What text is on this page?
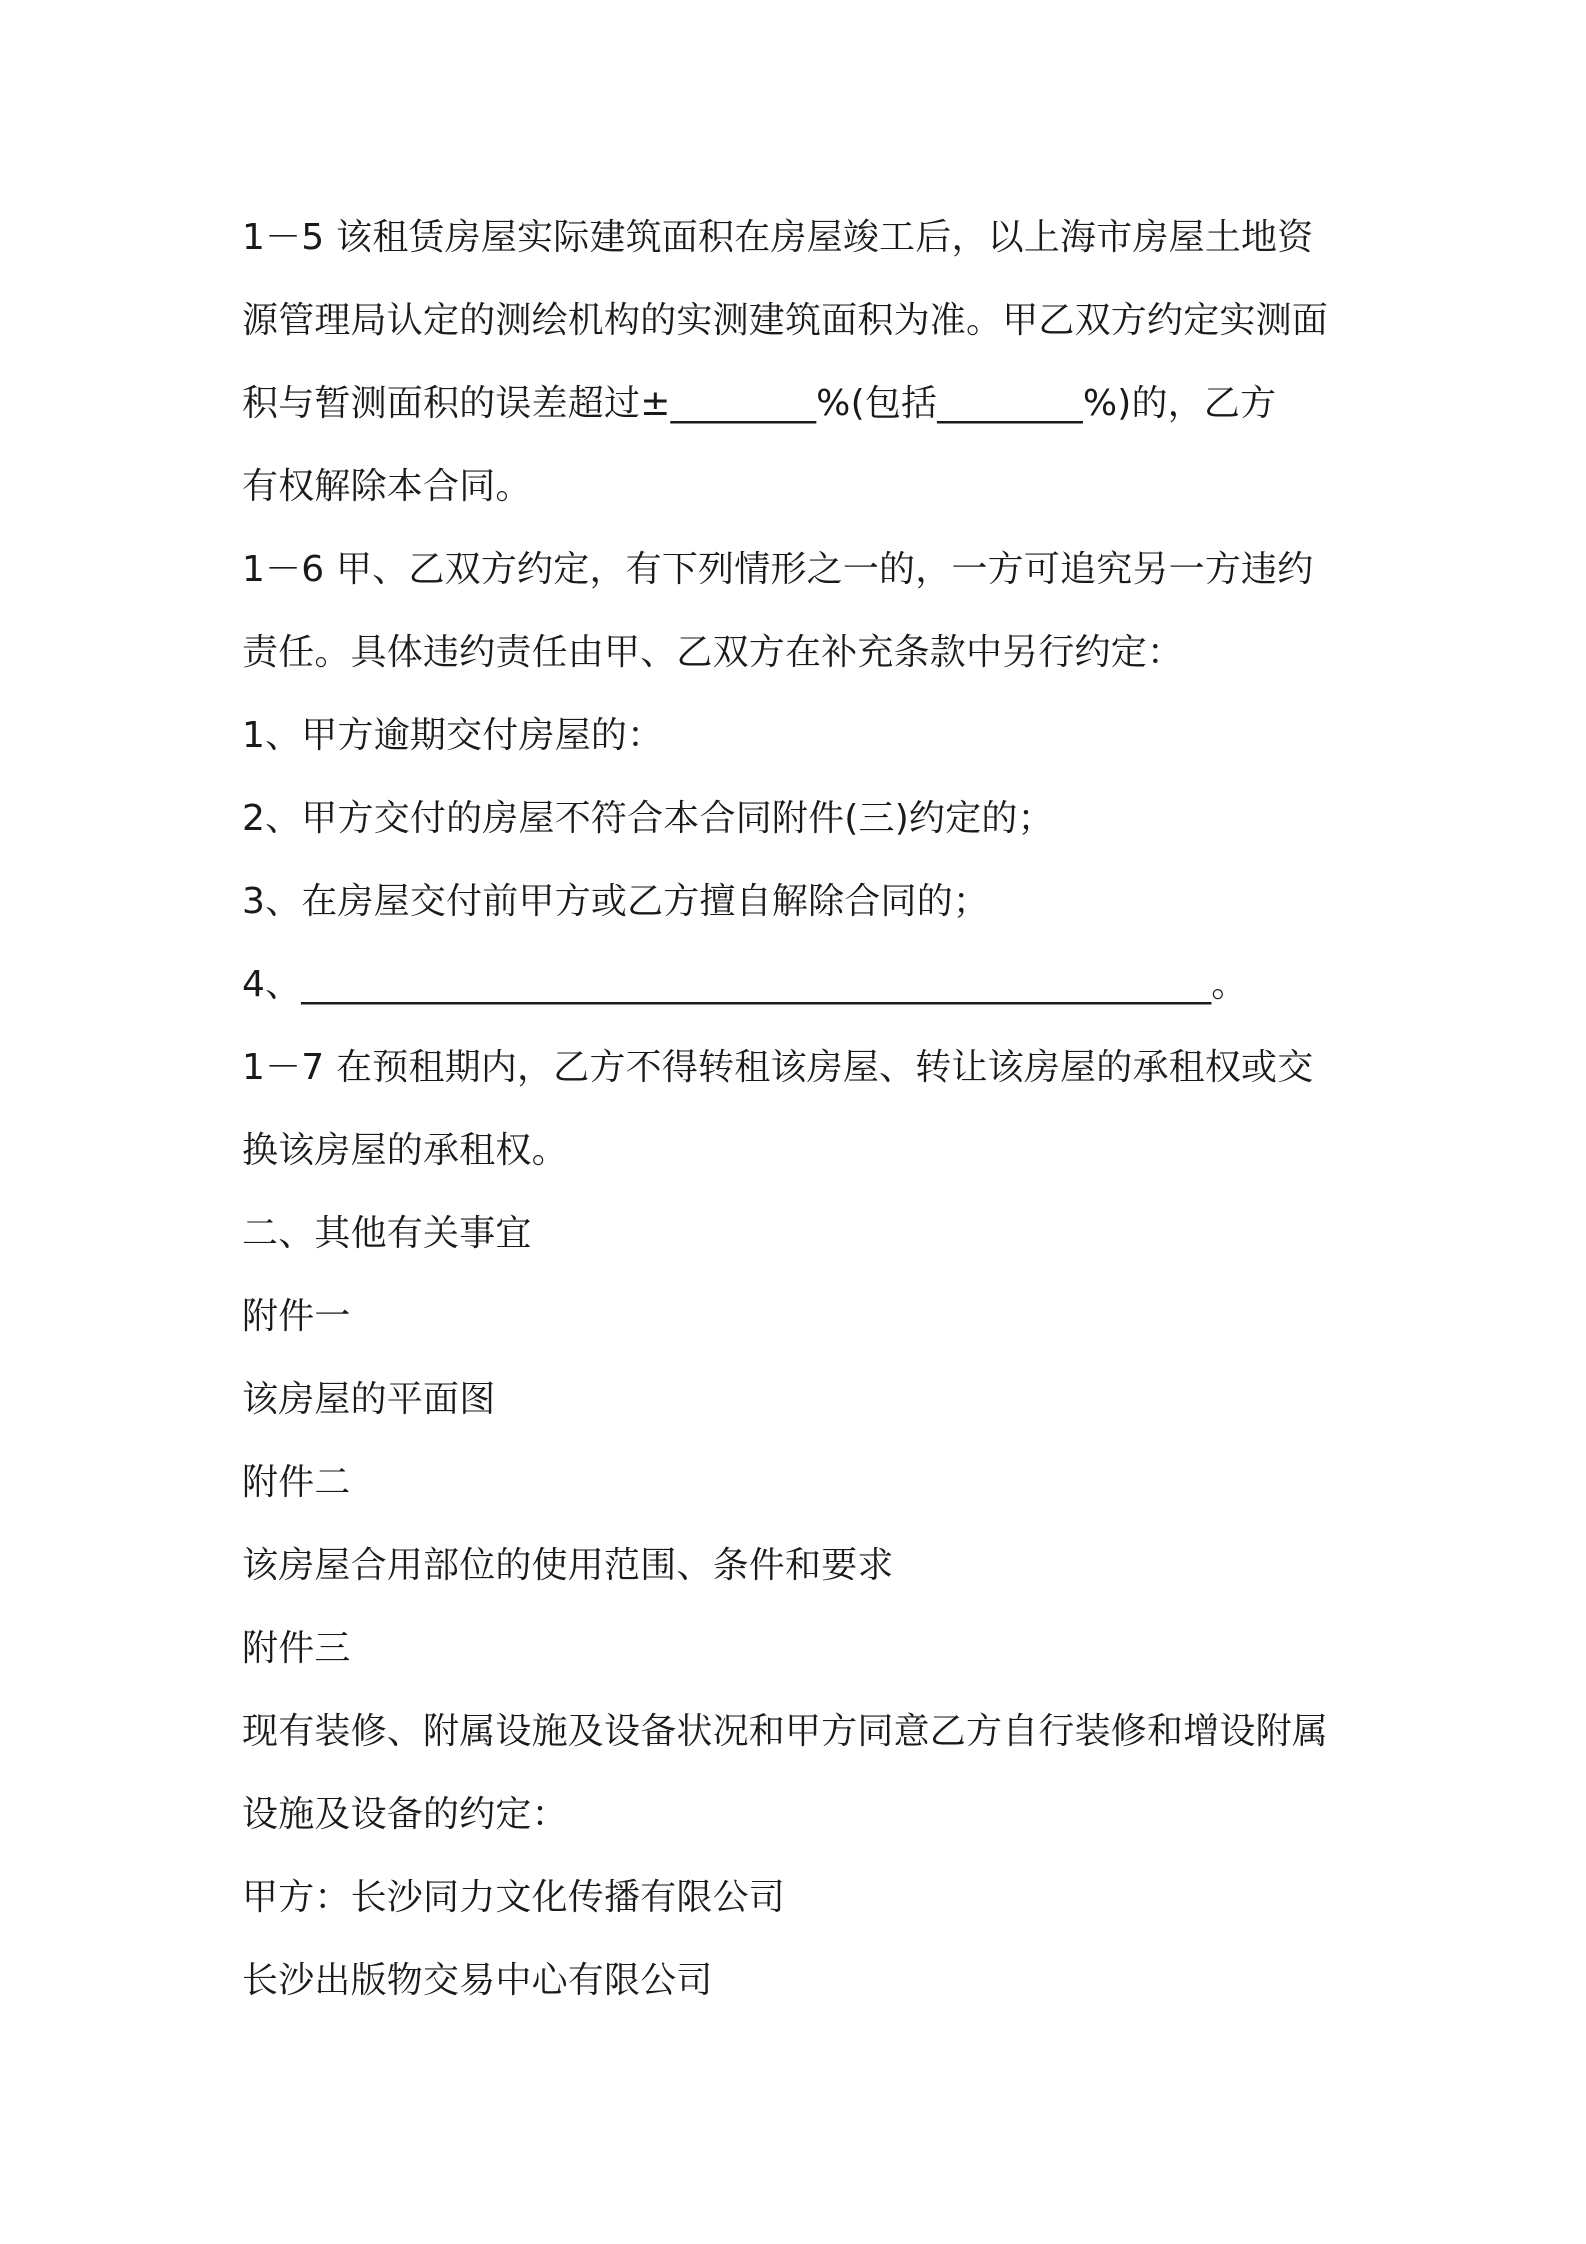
1－5 该租赁房屋实际建筑面积在房屋竣工后，以上海市房屋土地资
源管理局认定的测绘机构的实测建筑面积为准。甲乙双方约定实测面
积与暂测面积的误差超过±________%(包括________%)的，乙方
有权解除本合同。
1－6 甲、乙双方约定，有下列情形之一的，一方可追究另一方违约
责任。具体违约责任由甲、乙双方在补充条款中另行约定：
1、甲方逾期交付房屋的：
2、甲方交付的房屋不符合本合同附件(三)约定的；
3、在房屋交付前甲方或乙方擅自解除合同的；
4、__________________________________________________。
1－7 在预租期内，乙方不得转租该房屋、转让该房屋的承租权或交
换该房屋的承租权。
二、其他有关事宜
附件一
该房屋的平面图
附件二
该房屋合用部位的使用范围、条件和要求
附件三
现有装修、附属设施及设备状况和甲方同意乙方自行装修和增设附属
设施及设备的约定：
甲方：长沙同力文化传播有限公司
长沙出版物交易中心有限公司
